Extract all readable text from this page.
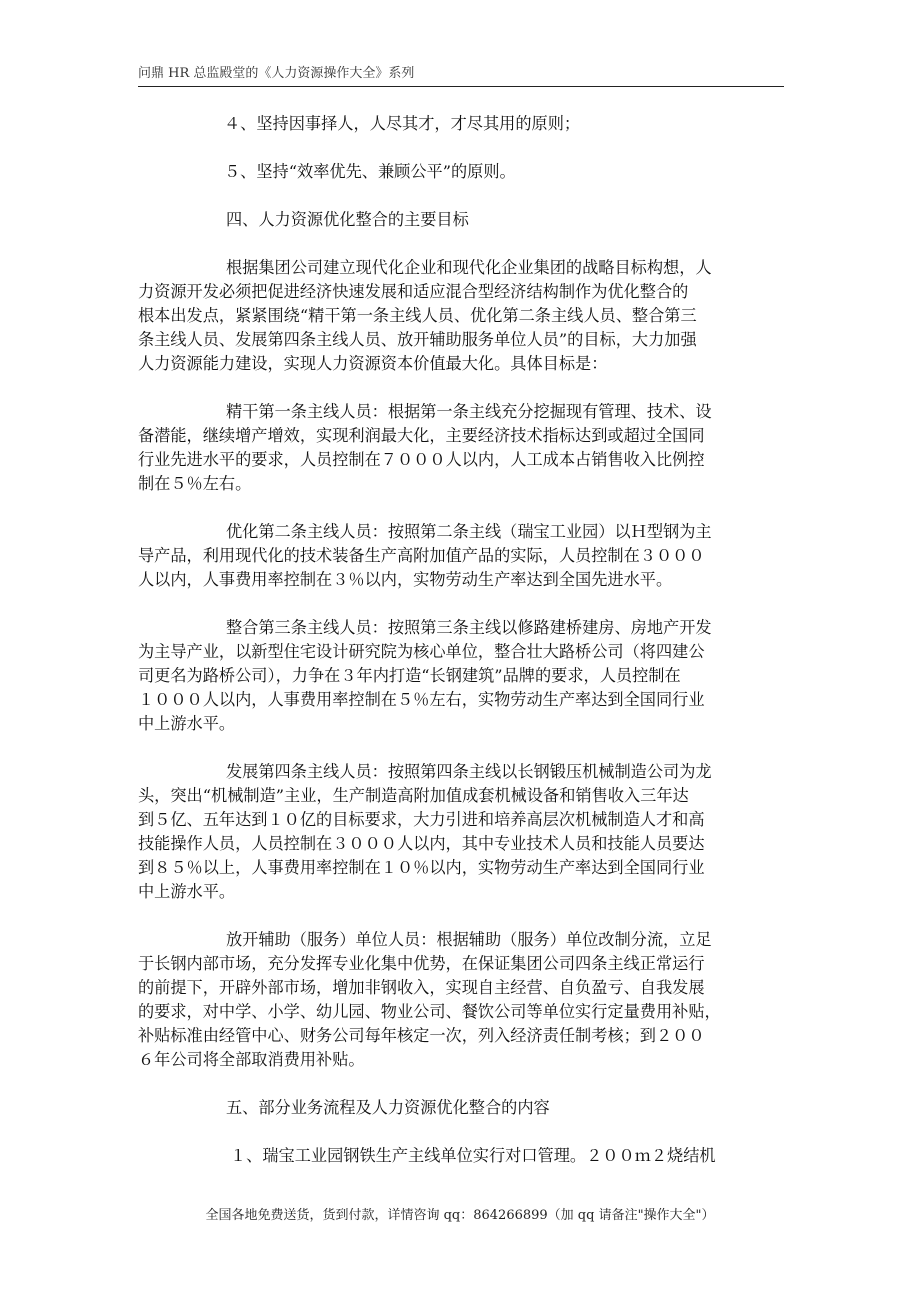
问鼎 HR 总监殿堂的《人力资源操作大全》系列
４、坚持因事择人，人尽其才，才尽其用的原则；
５、坚持“效率优先、兼顾公平”的原则。
四、人力资源优化整合的主要目标
根据集团公司建立现代化企业和现代化企业集团的战略目标构想，人
力资源开发必须把促进经济快速发展和适应混合型经济结构制作为优化整合的
根本出发点，紧紧围绕“精干第一条主线人员、优化第二条主线人员、整合第三
条主线人员、发展第四条主线人员、放开辅助服务单位人员”的目标，大力加强
人力资源能力建设，实现人力资源资本价值最大化。具体目标是：
精干第一条主线人员：根据第一条主线充分挖掘现有管理、技术、设
备潜能，继续增产增效，实现利润最大化，主要经济技术指标达到或超过全国同
行业先进水平的要求，人员控制在７０００人以内，人工成本占销售收入比例控
制在５％左右。
优化第二条主线人员：按照第二条主线（瑞宝工业园）以Ｈ型钢为主
导产品，利用现代化的技术装备生产高附加值产品的实际，人员控制在３０００
人以内，人事费用率控制在３％以内，实物劳动生产率达到全国先进水平。
整合第三条主线人员：按照第三条主线以修路建桥建房、房地产开发
为主导产业，以新型住宅设计研究院为核心单位，整合壮大路桥公司（将四建公
司更名为路桥公司），力争在３年内打造“长钢建筑”品牌的要求，人员控制在
１０００人以内，人事费用率控制在５％左右，实物劳动生产率达到全国同行业
中上游水平。
发展第四条主线人员：按照第四条主线以长钢锻压机械制造公司为龙
头，突出“机械制造”主业，生产制造高附加值成套机械设备和销售收入三年达
到５亿、五年达到１０亿的目标要求，大力引进和培养高层次机械制造人才和高
技能操作人员，人员控制在３０００人以内，其中专业技术人员和技能人员要达
到８５％以上，人事费用率控制在１０％以内，实物劳动生产率达到全国同行业
中上游水平。
放开辅助（服务）单位人员：根据辅助（服务）单位改制分流，立足
于长钢内部市场，充分发挥专业化集中优势，在保证集团公司四条主线正常运行
的前提下，开辟外部市场，增加非钢收入，实现自主经营、自负盈亏、自我发展
的要求，对中学、小学、幼儿园、物业公司、餐饮公司等单位实行定量费用补贴，
补贴标准由经管中心、财务公司每年核定一次，列入经济责任制考核；到２００
６年公司将全部取消费用补贴。
五、部分业务流程及人力资源优化整合的内容
１、瑞宝工业园钢铁生产主线单位实行对口管理。２００ｍ２烧结机
全国各地免费送货，货到付款，详情咨询 qq：864266899（加 qq 请备注"操作大全"）
